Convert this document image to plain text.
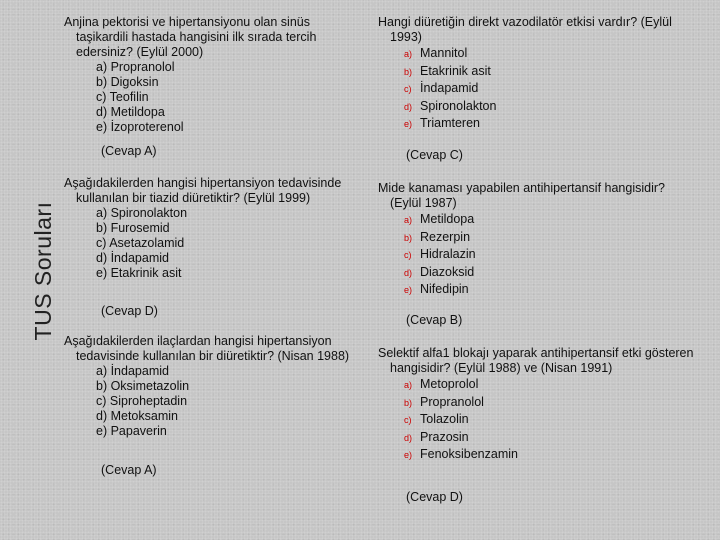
TUS Soruları

Anjina pektorisi ve hipertansiyonu olan sinüs taşikardili hastada hangisini ilk sırada tercih edersiniz? (Eylül 2000)

a) Propranolol
b) Digoksin
c) Teofilin
d) Metildopa
e) İzoproterenol
(Cevap A)

Aşağıdakilerden hangisi hipertansiyon tedavisinde kullanılan bir tiazid diüretiktir? (Eylül 1999)

a) Spironolakton
b) Furosemid
c) Asetazolamid
d) İndapamid
e) Etakrinik asit
(Cevap D)

Aşağıdakilerden ilaçlardan hangisi hipertansiyon tedavisinde kullanılan bir diüretiktir? (Nisan 1988)

a) İndapamid
b) Oksimetazolin
c) Siproheptadin
d) Metoksamin
e) Papaverin
(Cevap A)

Hangi diüretiğin direkt vazodilatör etkisi vardır? (Eylül 1993)

a) Mannitol
b) Etakrinik asit
c) İndapamid
d) Spironolakton
e) Triamteren
(Cevap C)

Mide kanaması yapabilen antihipertansif hangisidir? (Eylül 1987)

a) Metildopa
b) Rezerpin
c) Hidralazin
d) Diazoksid
e) Nifedipin
(Cevap B)

Selektif alfa1 blokajı yaparak antihipertansif etki gösteren hangisidir? (Eylül 1988) ve (Nisan 1991)

a) Metoprolol
b) Propranolol
c) Tolazolin
d) Prazosin
e) Fenoksibenzamin
(Cevap D)
